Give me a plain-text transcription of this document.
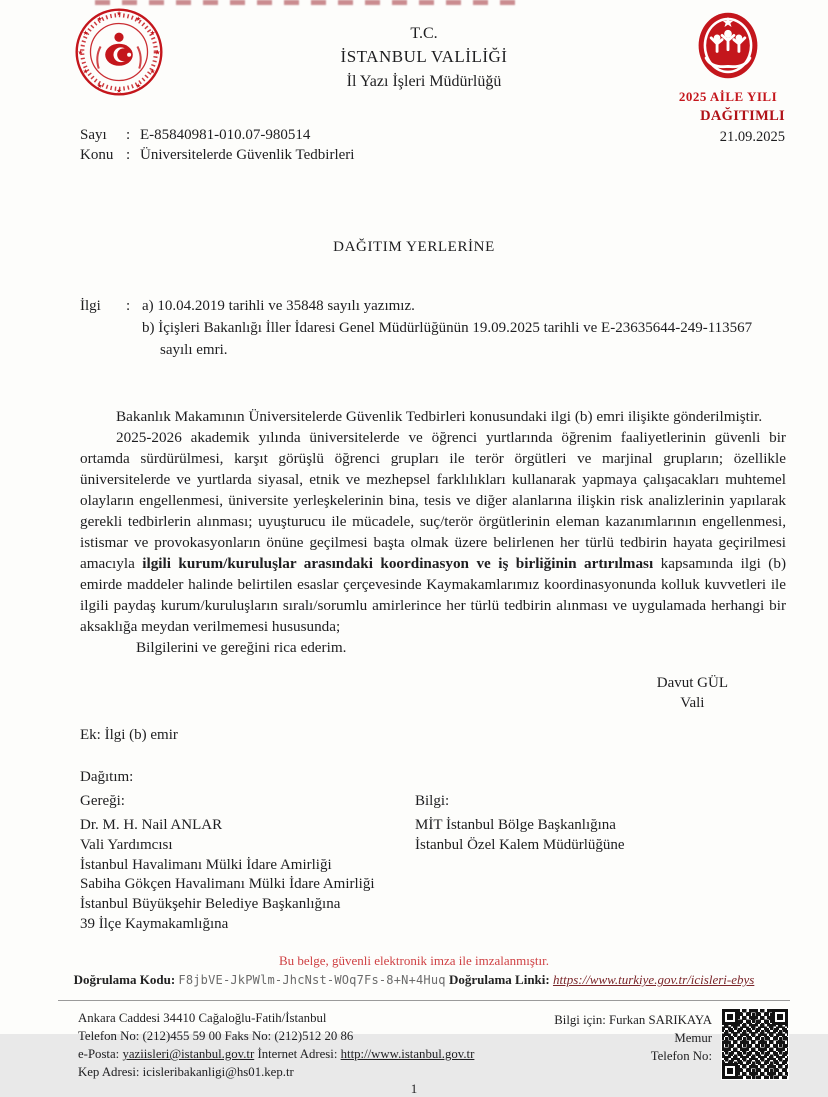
★
★
★
★
★
★
★
★
★
★
★
★	T.C.
İSTANBUL VALİLİĞİ
İl Yazı İşleri Müdürlüğü
2025 AİLE YILI
DAĞITIMLI
21.09.2025
Sayı	: E-85840981-010.07-980514
Konu : Üniversitelerde Güvenlik Tedbirleri
DAĞITIM YERLERİNE
İlgi	: a) 10.04.2019 tarihli ve 35848 sayılı yazımız.
b) İçişleri Bakanlığı İller İdaresi Genel Müdürlüğünün 19.09.2025 tarihli ve E-23635644-249-113567 sayılı emri.
Bakanlık Makamının Üniversitelerde Güvenlik Tedbirleri konusundaki ilgi (b) emri ilişikte gönderilmiştir.
2025-2026 akademik yılında üniversitelerde ve öğrenci yurtlarında öğrenim faaliyetlerinin güvenli bir ortamda sürdürülmesi, karşıt görüşlü öğrenci grupları ile terör örgütleri ve marjinal grupların; özellikle üniversitelerde ve yurtlarda siyasal, etnik ve mezhepsel farklılıkları kullanarak yapmaya çalışacakları muhtemel olayların engellenmesi, üniversite yerleşkelerinin bina, tesis ve diğer alanlarına ilişkin risk analizlerinin yapılarak gerekli tedbirlerin alınması; uyuşturucu ile mücadele, suç/terör örgütlerinin eleman kazanımlarının engellenmesi, istismar ve provokasyonların önüne geçilmesi başta olmak üzere belirlenen her türlü tedbirin hayata geçirilmesi amacıyla ilgili kurum/kuruluşlar arasındaki koordinasyon ve iş birliğinin artırılması kapsamında ilgi (b) emirde maddeler halinde belirtilen esaslar çerçevesinde Kaymakamlarımız koordinasyonunda kolluk kuvvetleri ile ilgili paydaş kurum/kuruluşların sıralı/sorumlu amirlerince her türlü tedbirin alınması ve uygulamada herhangi bir aksaklığa meydan verilmemesi hususunda;
Bilgilerini ve gereğini rica ederim.
Davut GÜL
Vali
Ek: İlgi (b) emir
Dağıtım:
Gereği:
Dr. M. H. Nail ANLAR
Vali Yardımcısı
İstanbul Havalimanı Mülki İdare Amirliği
Sabiha Gökçen Havalimanı Mülki İdare Amirliği
İstanbul Büyükşehir Belediye Başkanlığına
39 İlçe Kaymakamlığına
Bilgi:
MİT İstanbul Bölge Başkanlığına
İstanbul Özel Kalem Müdürlüğüne
Bu belge, güvenli elektronik imza ile imzalanmıştır.
Doğrulama Kodu: F8jbVE-JkPWlm-JhcNst-WOq7Fs-8+N+4Huq Doğrulama Linki: https://www.turkiye.gov.tr/icisleri-ebys
Ankara Caddesi 34410 Cağaloğlu-Fatih/İstanbul
Telefon No: (212)455 59 00 Faks No: (212)512 20 86
e-Posta: yaziisleri@istanbul.gov.tr İnternet Adresi: http://www.istanbul.gov.tr
Kep Adresi: icisleribakanligi@hs01.kep.tr
Bilgi için: Furkan SARIKAYA
Memur
Telefon No:
1
